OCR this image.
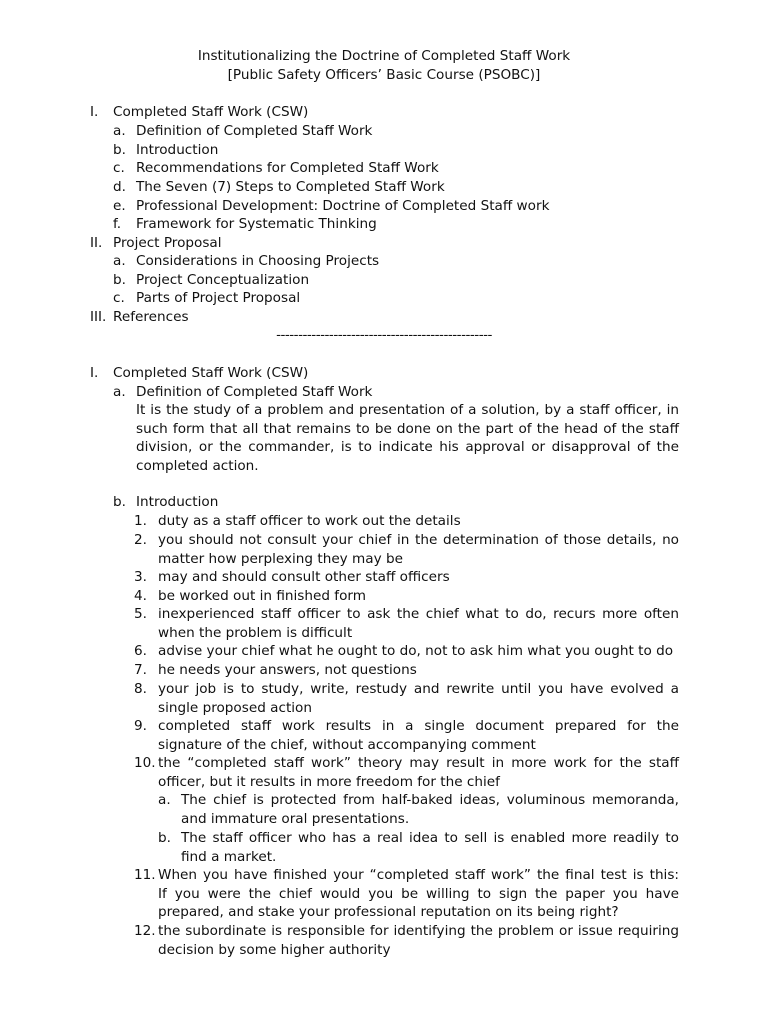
Institutionalizing the Doctrine of Completed Staff Work
[Public Safety Officers’ Basic Course (PSOBC)]
I. Completed Staff Work (CSW)
a. Definition of Completed Staff Work
b. Introduction
c. Recommendations for Completed Staff Work
d. The Seven (7) Steps to Completed Staff Work
e. Professional Development: Doctrine of Completed Staff work
f. Framework for Systematic Thinking
II. Project Proposal
a. Considerations in Choosing Projects
b. Project Conceptualization
c. Parts of Project Proposal
III. References
-------------------------------------------------
I. Completed Staff Work (CSW)
a. Definition of Completed Staff Work
It is the study of a problem and presentation of a solution, by a staff officer, in such form that all that remains to be done on the part of the head of the staff division, or the commander, is to indicate his approval or disapproval of the completed action.
b. Introduction
1. duty as a staff officer to work out the details
2. you should not consult your chief in the determination of those details, no matter how perplexing they may be
3. may and should consult other staff officers
4. be worked out in finished form
5. inexperienced staff officer to ask the chief what to do, recurs more often when the problem is difficult
6. advise your chief what he ought to do, not to ask him what you ought to do
7. he needs your answers, not questions
8. your job is to study, write, restudy and rewrite until you have evolved a single proposed action
9. completed staff work results in a single document prepared for the signature of the chief, without accompanying comment
10. the “completed staff work” theory may result in more work for the staff officer, but it results in more freedom for the chief
a. The chief is protected from half-baked ideas, voluminous memoranda, and immature oral presentations.
b. The staff officer who has a real idea to sell is enabled more readily to find a market.
11. When you have finished your “completed staff work” the final test is this:   If you were the chief would you be willing to sign the paper you have prepared, and stake your professional reputation on its being right?
12. the subordinate is responsible for identifying the problem or issue requiring decision by some higher authority
